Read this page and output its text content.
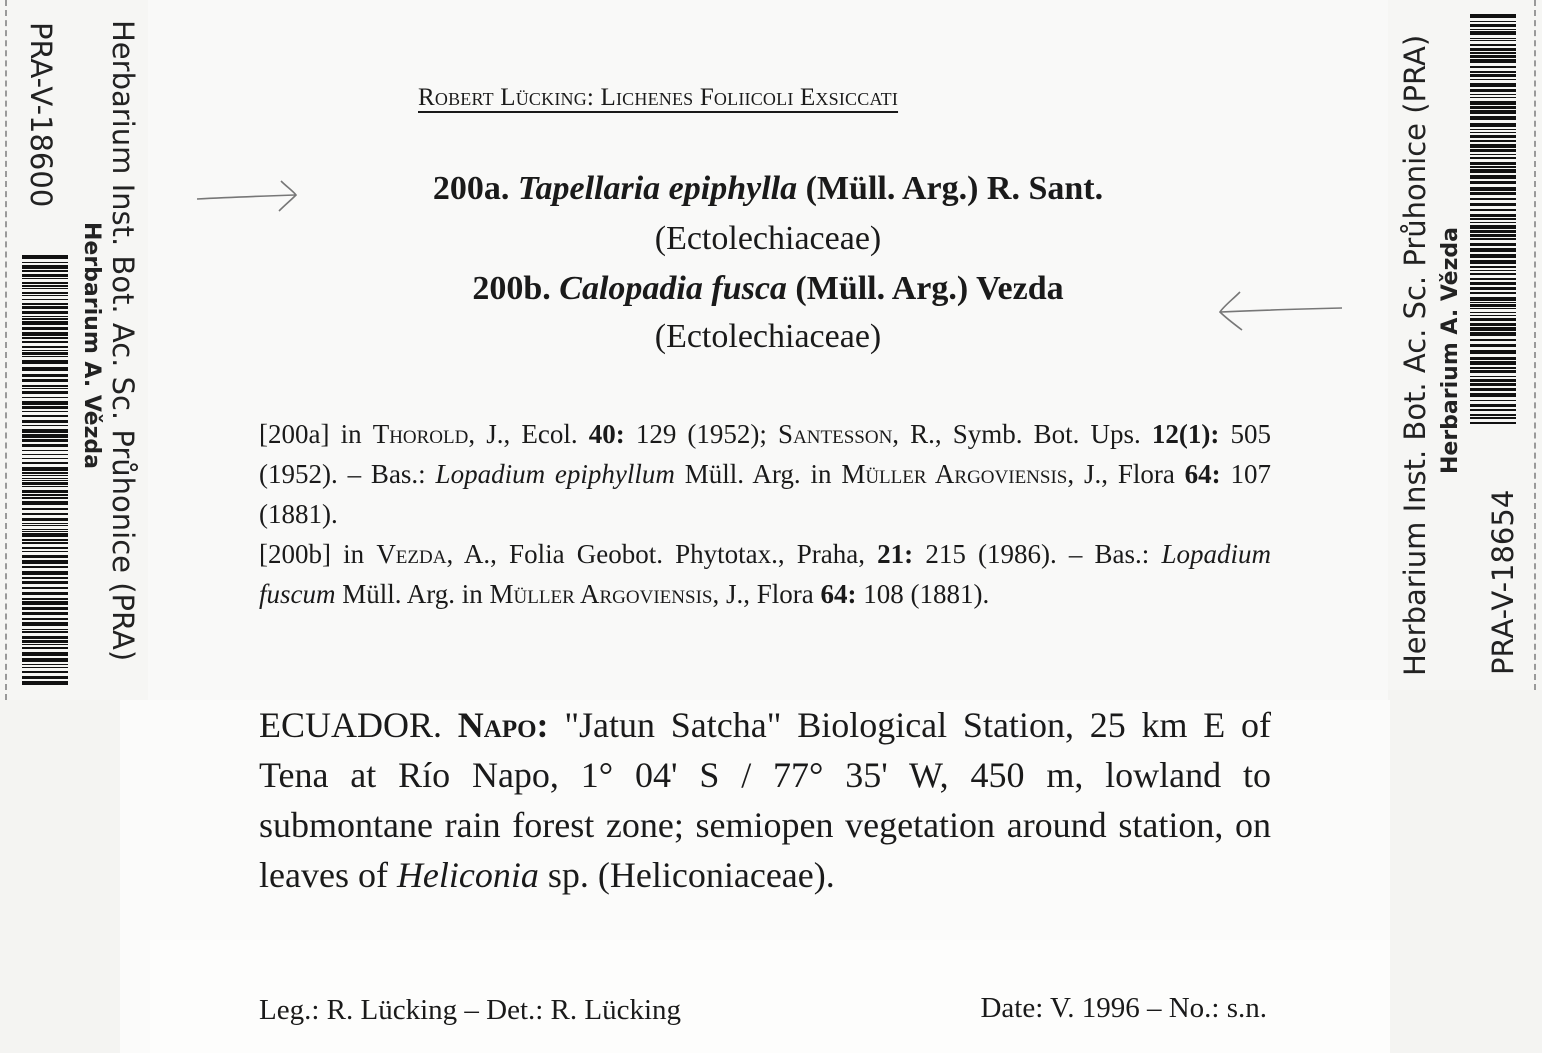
PRA-V-18600 Herbarium Inst. Bot. Ac. Sc. Průhonice (PRA)
Herbarium A. Vězda	Herbarium Inst. Bot. Ac. Sc. Průhonice (PRA) Herbarium A. Vězda
PRA-V-18654
Robert Lücking: Lichenes Foliicoli Exsiccati
200a. Tapellaria epiphylla (Müll. Arg.) R. Sant.
(Ectolechiaceae)
200b. Calopadia fusca (Müll. Arg.) Vezda
(Ectolechiaceae)
[200a] in Thorold, J., Ecol. 40: 129 (1952); Santesson, R., Symb. Bot. Ups. 12(1): 505 (1952). – Bas.: Lopadium epiphyllum Müll. Arg. in Müller Argoviensis, J., Flora 64: 107 (1881).
[200b] in Vezda, A., Folia Geobot. Phytotax., Praha, 21: 215 (1986). – Bas.: Lopadium fuscum Müll. Arg. in Müller Argoviensis, J., Flora 64: 108 (1881).
ECUADOR. Napo: "Jatun Satcha" Biological Station, 25 km E of Tena at Río Napo, 1° 04' S / 77° 35' W, 450 m, lowland to submontane rain forest zone; semiopen vegetation around station, on leaves of Heliconia sp. (Heliconiaceae).
Leg.: R. Lücking – Det.: R. Lücking	Date: V. 1996 – No.: s.n.
